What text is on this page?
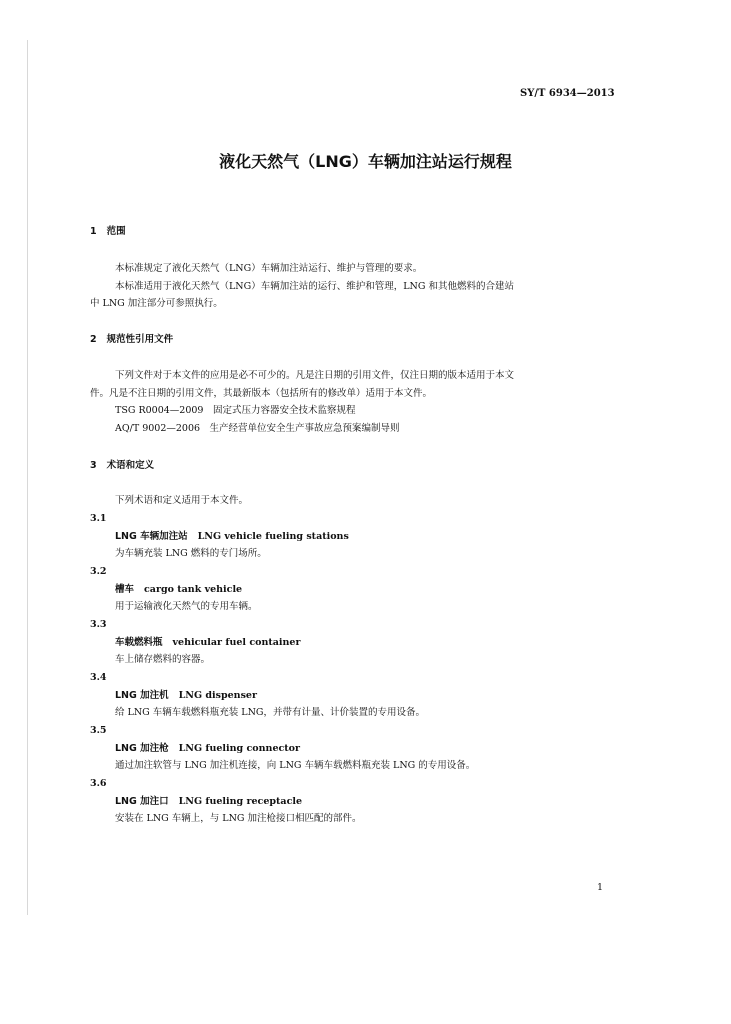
SY/T 6934—2013
液化天然气（LNG）车辆加注站运行规程
1 范围
本标准规定了液化天然气（LNG）车辆加注站运行、维护与管理的要求。
本标准适用于液化天然气（LNG）车辆加注站的运行、维护和管理，LNG 和其他燃料的合建站
中 LNG 加注部分可参照执行。
2 规范性引用文件
下列文件对于本文件的应用是必不可少的。凡是注日期的引用文件，仅注日期的版本适用于本文
件。凡是不注日期的引用文件，其最新版本（包括所有的修改单）适用于本文件。
TSG R0004—2009　固定式压力容器安全技术监察规程
AQ/T 9002—2006　生产经营单位安全生产事故应急预案编制导则
3 术语和定义
下列术语和定义适用于本文件。
3.1
LNG 车辆加注站 LNG vehicle fueling stations
为车辆充装 LNG 燃料的专门场所。
3.2
槽车 cargo tank vehicle
用于运输液化天然气的专用车辆。
3.3
车载燃料瓶 vehicular fuel container
车上储存燃料的容器。
3.4
LNG 加注机 LNG dispenser
给 LNG 车辆车载燃料瓶充装 LNG，并带有计量、计价装置的专用设备。
3.5
LNG 加注枪 LNG fueling connector
通过加注软管与 LNG 加注机连接，向 LNG 车辆车载燃料瓶充装 LNG 的专用设备。
3.6
LNG 加注口 LNG fueling receptacle
安装在 LNG 车辆上，与 LNG 加注枪接口相匹配的部件。
1
